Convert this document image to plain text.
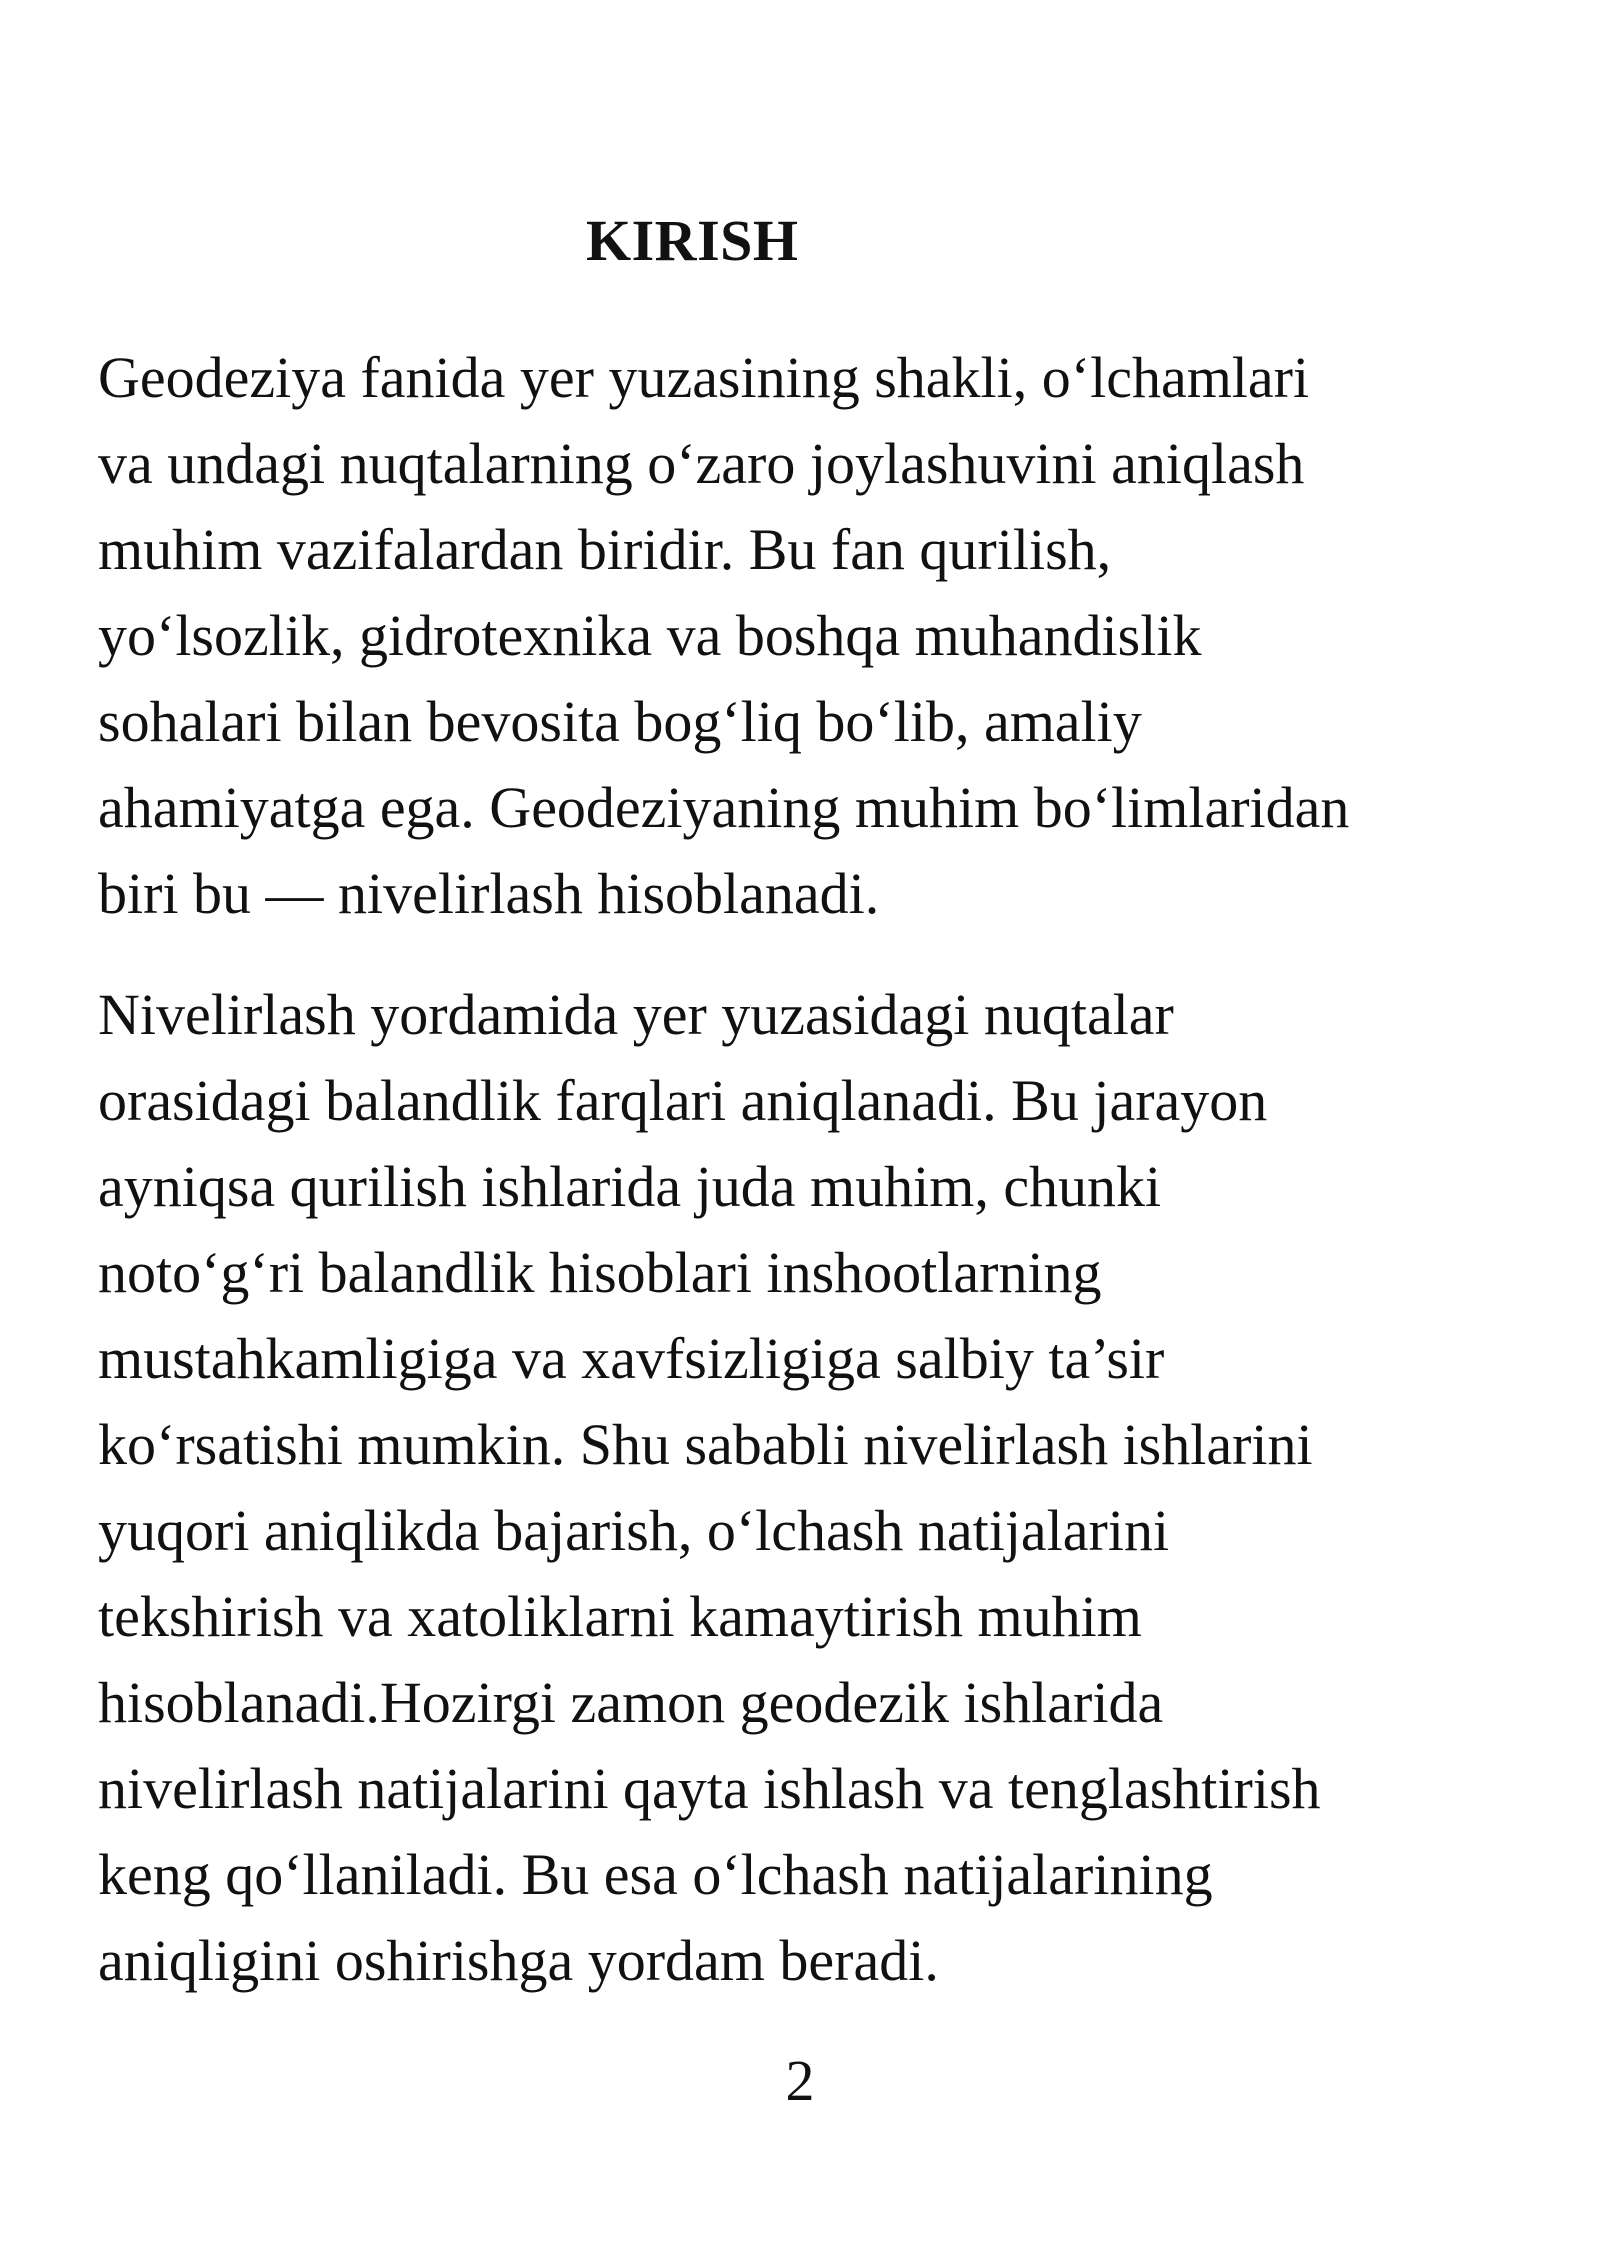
KIRISH
Geodeziya fanida yer yuzasining shakli, o‘lchamlari
va undagi nuqtalarning o‘zaro joylashuvini aniqlash
muhim vazifalardan biridir. Bu fan qurilish,
yo‘lsozlik, gidrotexnika va boshqa muhandislik
sohalari bilan bevosita bog‘liq bo‘lib, amaliy
ahamiyatga ega. Geodeziyaning muhim bo‘limlaridan
biri bu — nivelirlash hisoblanadi.
Nivelirlash yordamida yer yuzasidagi nuqtalar
orasidagi balandlik farqlari aniqlanadi. Bu jarayon
ayniqsa qurilish ishlarida juda muhim, chunki
noto‘g‘ri balandlik hisoblari inshootlarning
mustahkamligiga va xavfsizligiga salbiy ta’sir
ko‘rsatishi mumkin. Shu sababli nivelirlash ishlarini
yuqori aniqlikda bajarish, o‘lchash natijalarini
tekshirish va xatoliklarni kamaytirish muhim
hisoblanadi.Hozirgi zamon geodezik ishlarida
nivelirlash natijalarini qayta ishlash va tenglashtirish
keng qo‘llaniladi. Bu esa o‘lchash natijalarining
aniqligini oshirishga yordam beradi.
2
